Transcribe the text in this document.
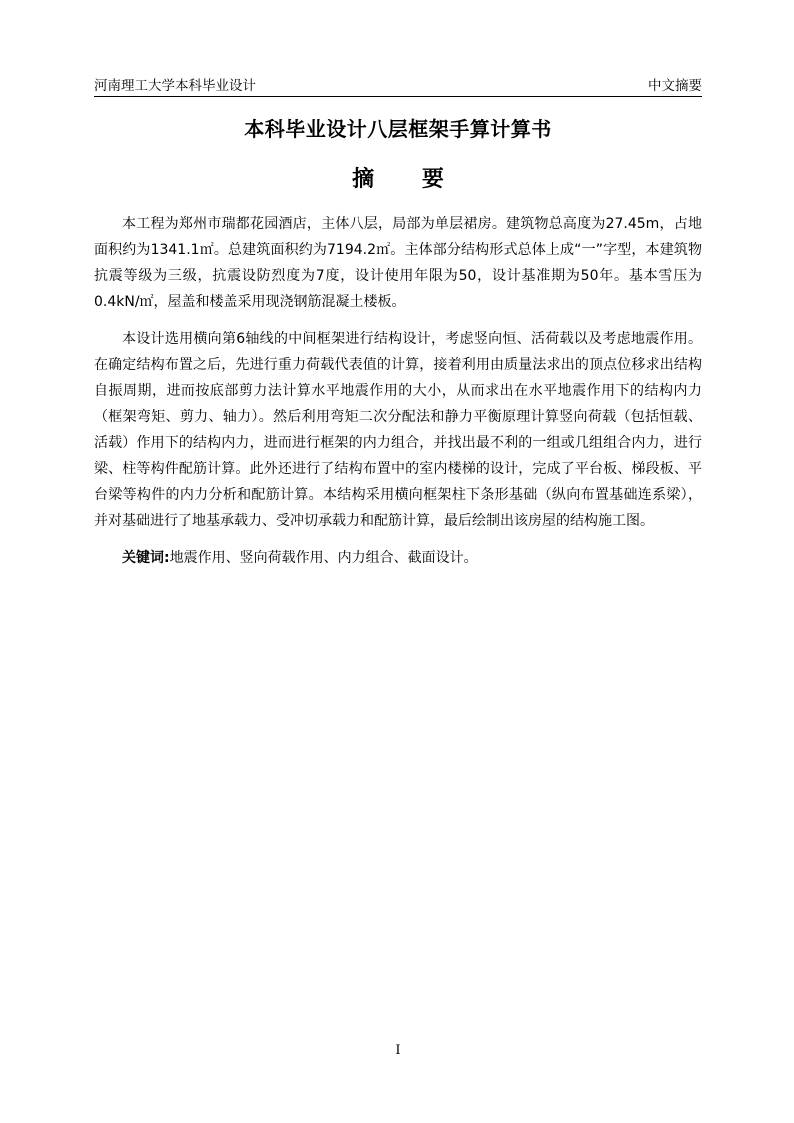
河南理工大学本科毕业设计	中文摘要
本科毕业设计八层框架手算计算书
摘 要

本工程为郑州市瑞都花园酒店，主体八层，局部为单层裙房。建筑物总高度为27.45m，占地面积约为1341.1㎡。总建筑面积约为7194.2㎡。主体部分结构形式总体上成“一”字型，本建筑物抗震等级为三级，抗震设防烈度为7度，设计使用年限为50，设计基准期为50年。基本雪压为0.4kN/㎡，屋盖和楼盖采用现浇钢筋混凝土楼板。

本设计选用横向第6轴线的中间框架进行结构设计，考虑竖向恒、活荷载以及考虑地震作用。在确定结构布置之后，先进行重力荷载代表值的计算，接着利用由质量法求出的顶点位移求出结构自振周期，进而按底部剪力法计算水平地震作用的大小，从而求出在水平地震作用下的结构内力（框架弯矩、剪力、轴力）。然后利用弯矩二次分配法和静力平衡原理计算竖向荷载（包括恒载、活载）作用下的结构内力，进而进行框架的内力组合，并找出最不利的一组或几组组合内力，进行梁、柱等构件配筋计算。此外还进行了结构布置中的室内楼梯的设计，完成了平台板、梯段板、平台梁等构件的内力分析和配筋计算。本结构采用横向框架柱下条形基础（纵向布置基础连系梁），并对基础进行了地基承载力、受冲切承载力和配筋计算，最后绘制出该房屋的结构施工图。

关键词:地震作用、竖向荷载作用、内力组合、截面设计。

I
